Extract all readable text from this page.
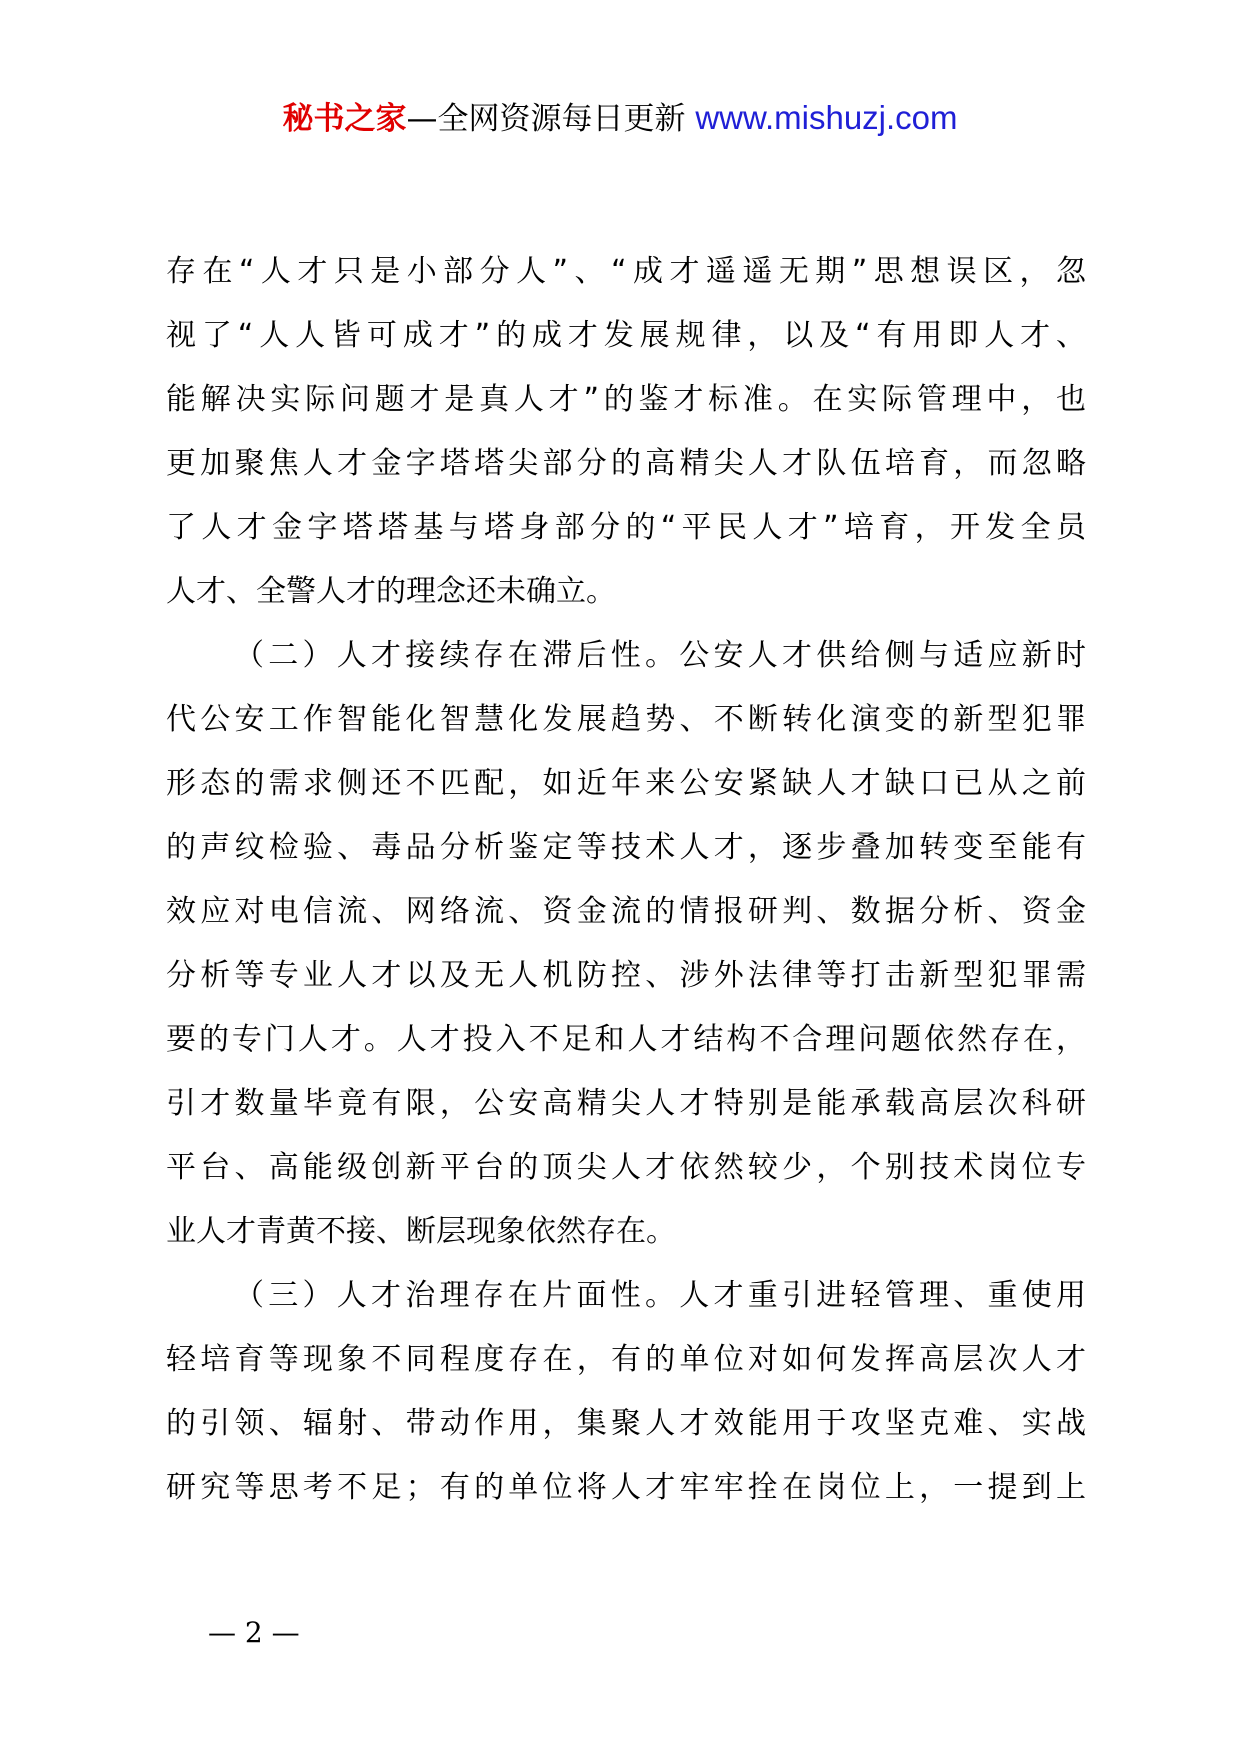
秘书之家—全网资源每日更新 www.mishuzj.com
存在“人才只是小部分人”、“成才遥遥无期”思想误区，忽
视了“人人皆可成才”的成才发展规律，以及“有用即人才、
能解决实际问题才是真人才”的鉴才标准。在实际管理中，也
更加聚焦人才金字塔塔尖部分的高精尖人才队伍培育，而忽略
了人才金字塔塔基与塔身部分的“平民人才”培育，开发全员
人才、全警人才的理念还未确立。
（二）人才接续存在滞后性。公安人才供给侧与适应新时
代公安工作智能化智慧化发展趋势、不断转化演变的新型犯罪
形态的需求侧还不匹配，如近年来公安紧缺人才缺口已从之前
的声纹检验、毒品分析鉴定等技术人才，逐步叠加转变至能有
效应对电信流、网络流、资金流的情报研判、数据分析、资金
分析等专业人才以及无人机防控、涉外法律等打击新型犯罪需
要的专门人才。人才投入不足和人才结构不合理问题依然存在，
引才数量毕竟有限，公安高精尖人才特别是能承载高层次科研
平台、高能级创新平台的顶尖人才依然较少，个别技术岗位专
业人才青黄不接、断层现象依然存在。
（三）人才治理存在片面性。人才重引进轻管理、重使用
轻培育等现象不同程度存在，有的单位对如何发挥高层次人才
的引领、辐射、带动作用，集聚人才效能用于攻坚克难、实战
研究等思考不足；有的单位将人才牢牢拴在岗位上，一提到上
— 2 —
